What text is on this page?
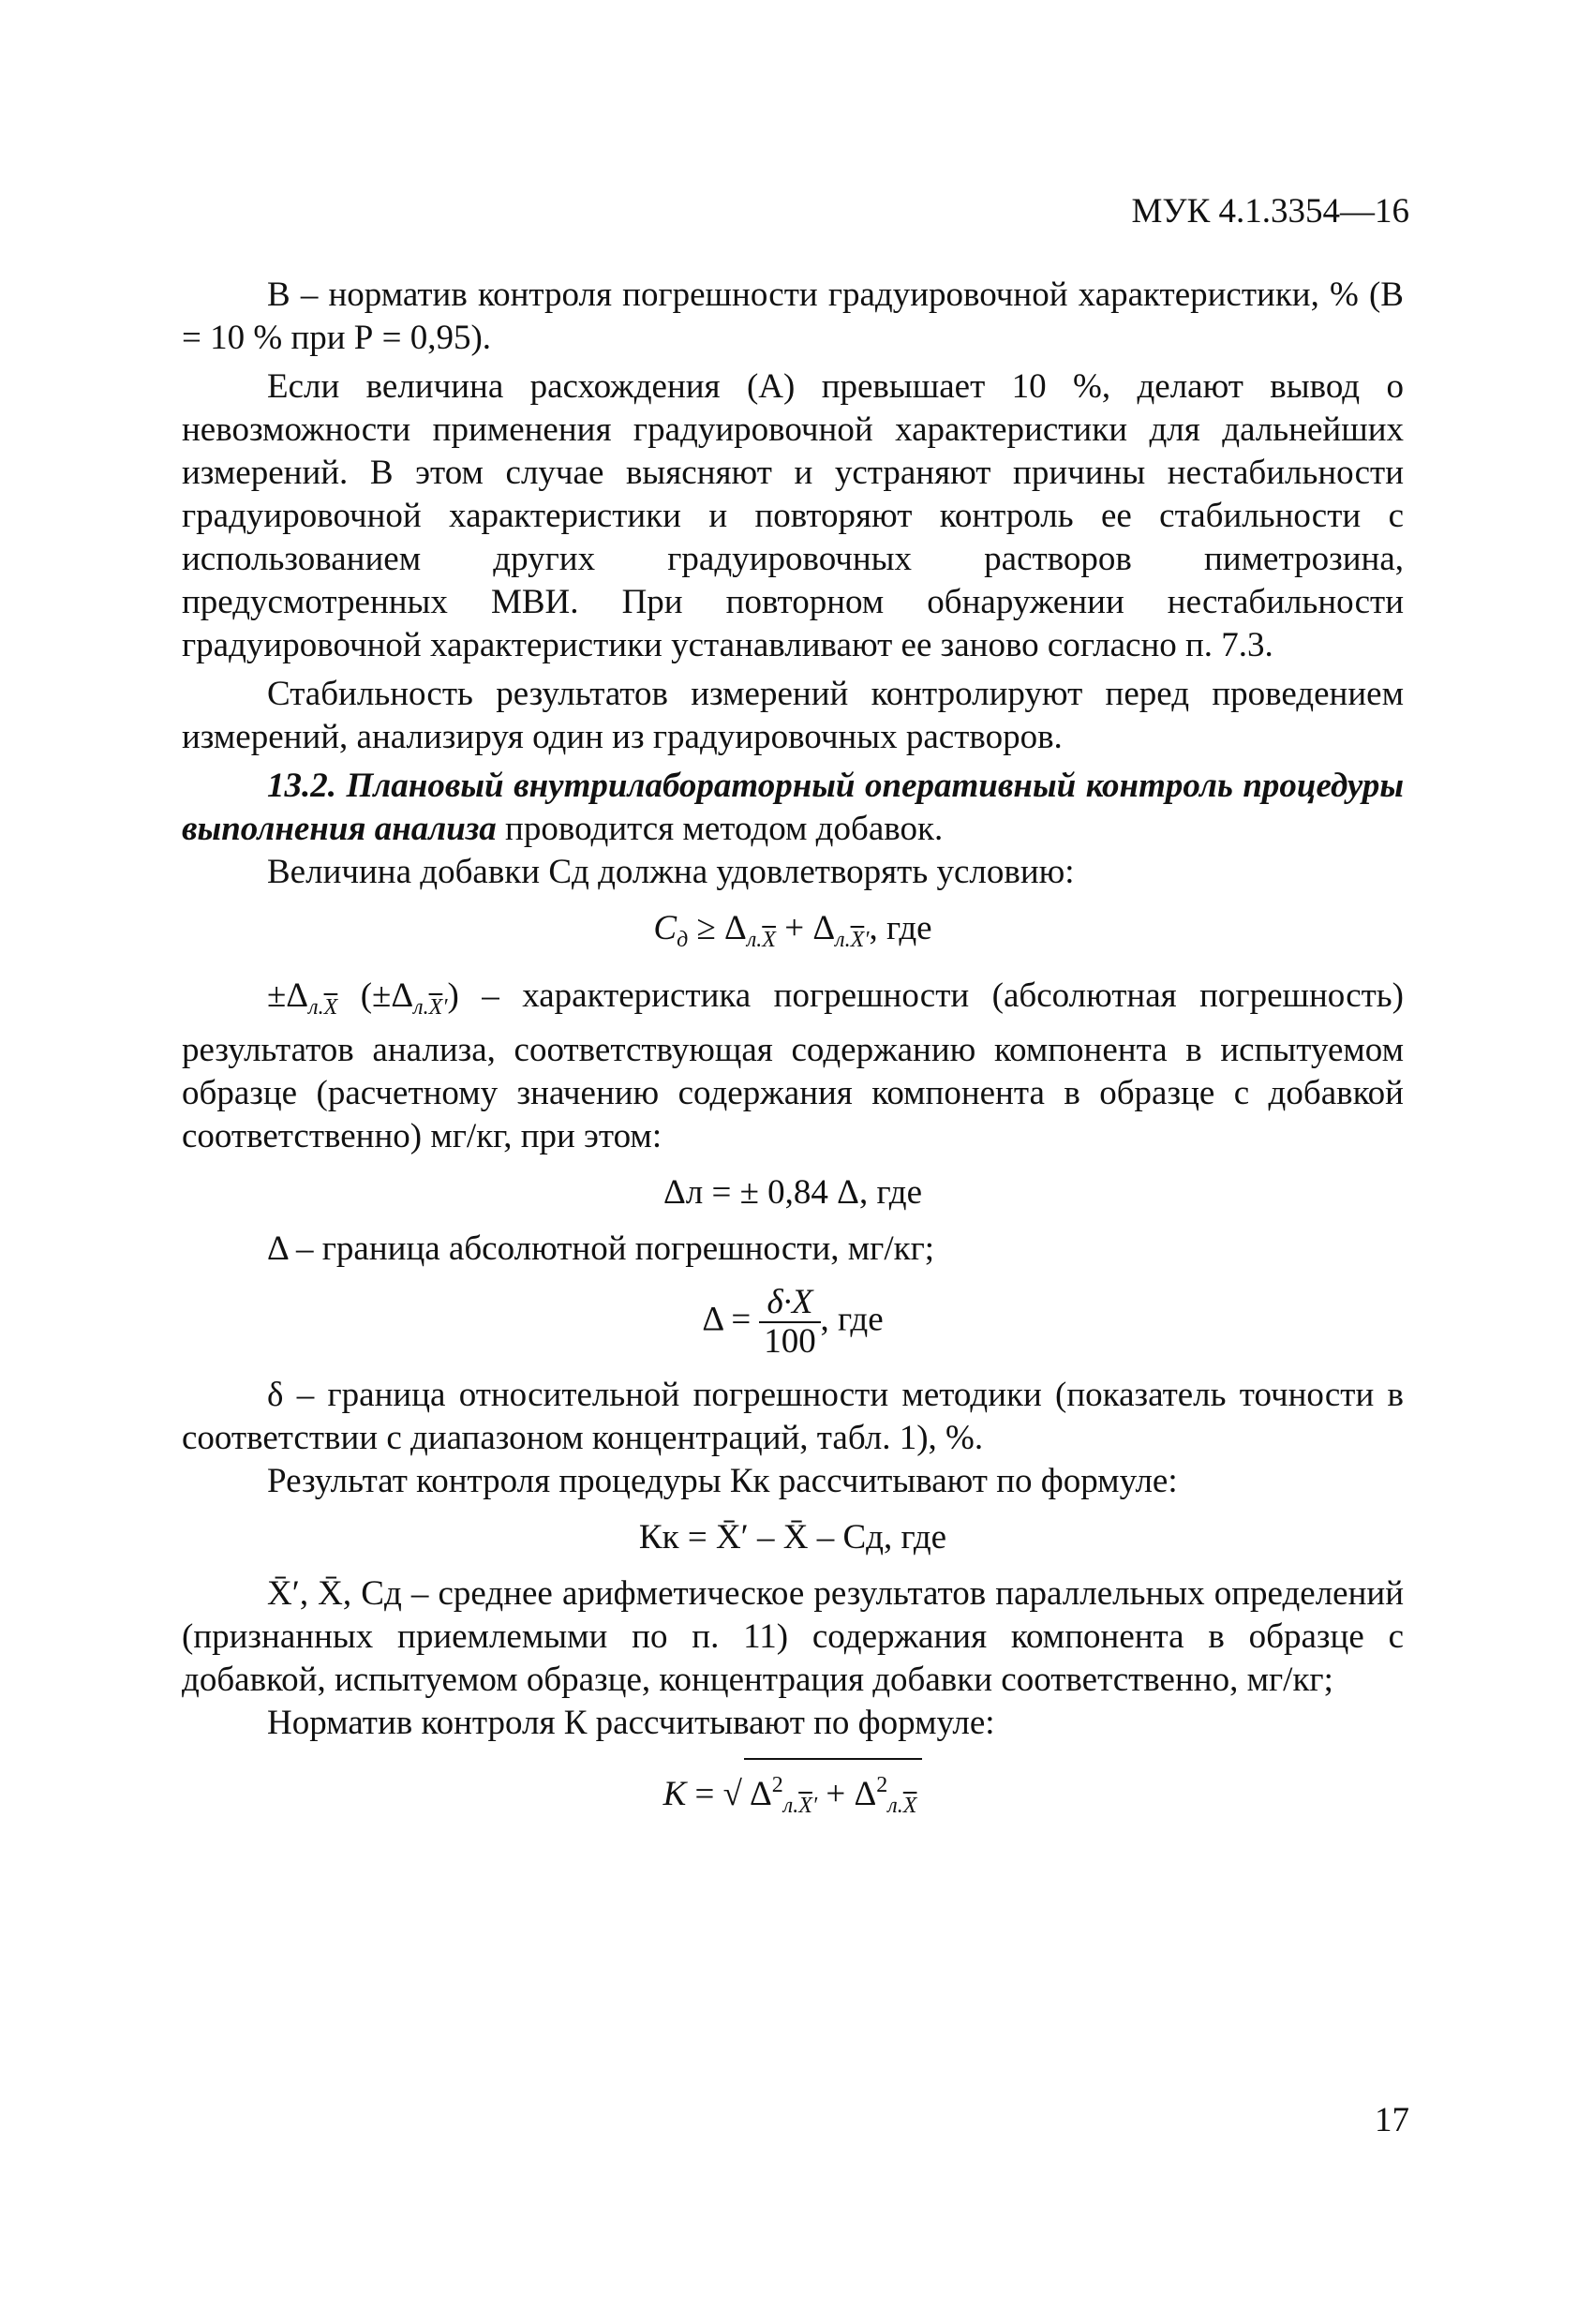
МУК 4.1.3354—16

В – норматив контроля погрешности градуировочной характеристики, % (В = 10 % при Р = 0,95).

Если величина расхождения (А) превышает 10 %, делают вывод о невозможности применения градуировочной характеристики для дальнейших измерений. В этом случае выясняют и устраняют причины нестабильности градуировочной характеристики и повторяют контроль ее стабильности с использованием других градуировочных растворов пиметрозина, предусмотренных МВИ. При повторном обнаружении нестабильности градуировочной характеристики устанавливают ее заново согласно п. 7.3.

Стабильность результатов измерений контролируют перед проведением измерений, анализируя один из градуировочных растворов.

13.2. Плановый внутрилабораторный оперативный контроль процедуры выполнения анализа проводится методом добавок.

Величина добавки Сд должна удовлетворять условию:

$C_д \ge \Delta_{л.\overline{X}} + \Delta_{л.\overline{X}'}$, где

$\pm\Delta_{л.\overline{X}}$ $(\pm\Delta_{л.\overline{X}'})$ – характеристика погрешности (абсолютная погрешность) результатов анализа, соответствующая содержанию компонента в испытуемом образце (расчетному значению содержания компонента в образце с добавкой соответственно) мг/кг, при этом:

Δл = ± 0,84 Δ, где

Δ – граница абсолютной погрешности, мг/кг;

$\Delta = \frac{\delta\cdot X}{100}$ , где

δ – граница относительной погрешности методики (показатель точности в соответствии с диапазоном концентраций, табл. 1), %.

Результат контроля процедуры Кк рассчитывают по формуле:

Кк = X̄′ – X̄ – Сд, где

X̄′, X̄, Сд – среднее арифметическое результатов параллельных определений (признанных приемлемыми по п. 11) содержания компонента в образце с добавкой, испытуемом образце, концентрация добавки соответственно, мг/кг;

Норматив контроля К рассчитывают по формуле:

K = √ $\Delta^2_{л.\overline{X}'} + \Delta^2_{л.\overline{X}}$
17
